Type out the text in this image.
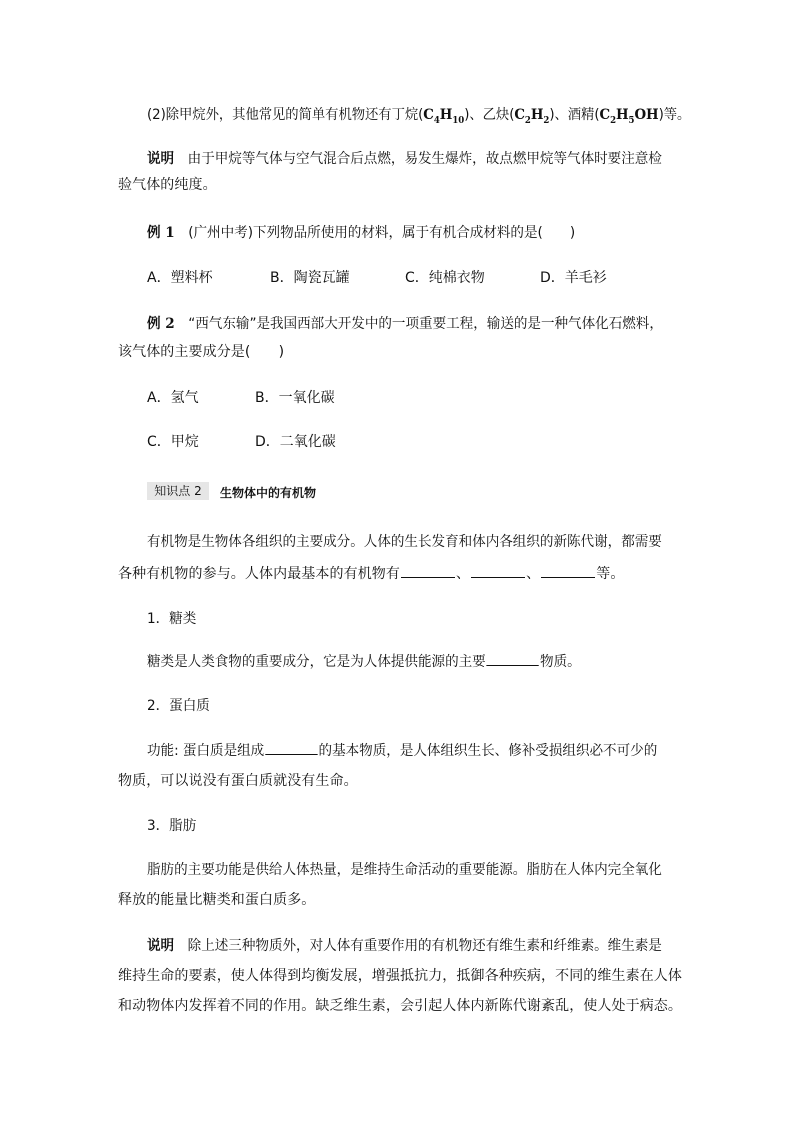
(2)除甲烷外，其他常见的简单有机物还有丁烷$(C_4H_{10})$、乙炔$(C_2H_2)$、酒精$(C_2H_5OH)$等。
说明　 由于甲烷等气体与空气混合后点燃，易发生爆炸，故点燃甲烷等气体时要注意检
验气体的纯度。
例 1　 (广州中考)下列物品所使用的材料，属于有机合成材料的是(　　)
A．塑料杯	B．陶瓷瓦罐	C．纯棉衣物	D．羊毛衫
例 2　 “西气东输”是我国西部大开发中的一项重要工程，输送的是一种气体化石燃料，
该气体的主要成分是(　　)
A．氢气	B．一氧化碳
C．甲烷	D．二氧化碳
知识点 2	生物体中的有机物
有机物是生物体各组织的主要成分。人体的生长发育和体内各组织的新陈代谢，都需要
各种有机物的参与。人体内最基本的有机物有	、	、	等。
1．糖类
糖类是人类食物的重要成分，它是为人体提供能源的主要	物质。
2．蛋白质
功能: 蛋白质是组成	的基本物质，是人体组织生长、修补受损组织必不可少的
物质，可以说没有蛋白质就没有生命。
3．脂肪
脂肪的主要功能是供给人体热量，是维持生命活动的重要能源。脂肪在人体内完全氧化
释放的能量比糖类和蛋白质多。
说明　 除上述三种物质外，对人体有重要作用的有机物还有维生素和纤维素。维生素是
维持生命的要素，使人体得到均衡发展，增强抵抗力，抵御各种疾病，不同的维生素在人体
和动物体内发挥着不同的作用。缺乏维生素，会引起人体内新陈代谢紊乱，使人处于病态。
